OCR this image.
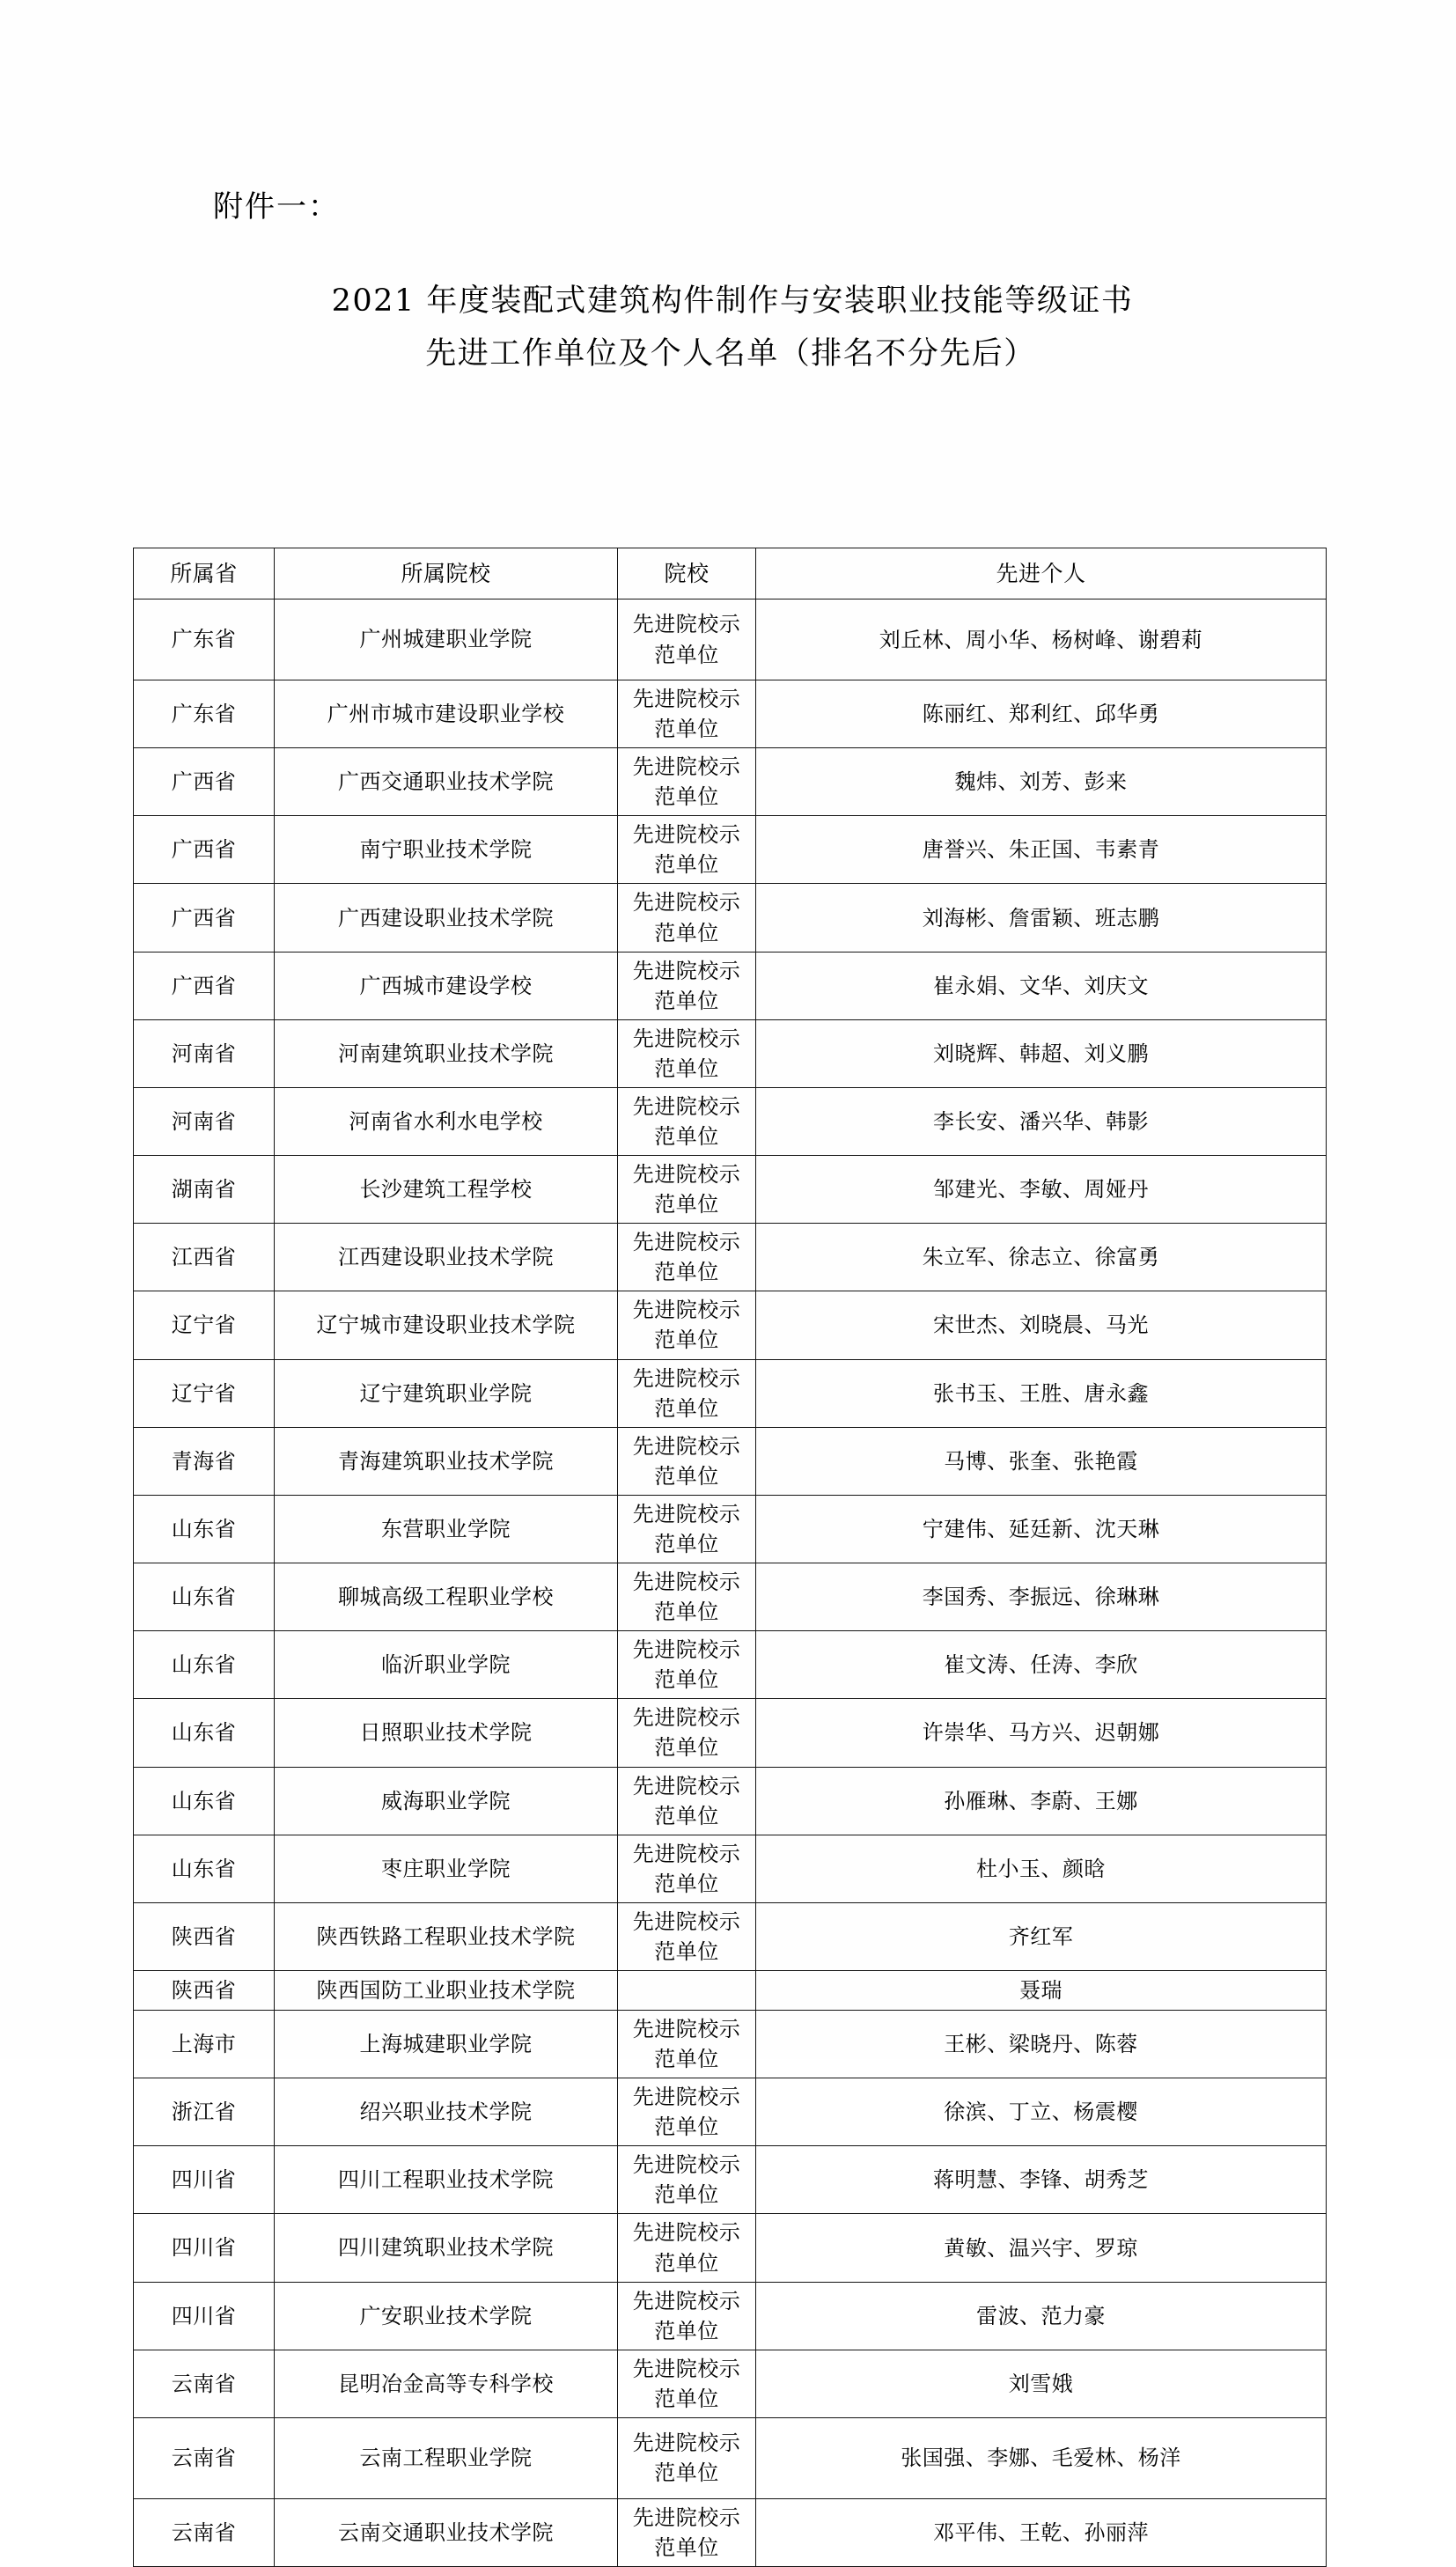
附件一：
2021 年度装配式建筑构件制作与安装职业技能等级证书
先进工作单位及个人名单（排名不分先后）
所属省	所属院校	院校	先进个人
广东省	广州城建职业学院	先进院校示范单位	刘丘林、周小华、杨树峰、谢碧莉
广东省	广州市城市建设职业学校	先进院校示范单位	陈丽红、郑利红、邱华勇
广西省	广西交通职业技术学院	先进院校示范单位	魏炜、刘芳、彭来
广西省	南宁职业技术学院	先进院校示范单位	唐誉兴、朱正国、韦素青
广西省	广西建设职业技术学院	先进院校示范单位	刘海彬、詹雷颖、班志鹏
广西省	广西城市建设学校	先进院校示范单位	崔永娟、文华、刘庆文
河南省	河南建筑职业技术学院	先进院校示范单位	刘晓辉、韩超、刘义鹏
河南省	河南省水利水电学校	先进院校示范单位	李长安、潘兴华、韩影
湖南省	长沙建筑工程学校	先进院校示范单位	邹建光、李敏、周娅丹
江西省	江西建设职业技术学院	先进院校示范单位	朱立军、徐志立、徐富勇
辽宁省	辽宁城市建设职业技术学院	先进院校示范单位	宋世杰、刘晓晨、马光
辽宁省	辽宁建筑职业学院	先进院校示范单位	张书玉、王胜、唐永鑫
青海省	青海建筑职业技术学院	先进院校示范单位	马博、张奎、张艳霞
山东省	东营职业学院	先进院校示范单位	宁建伟、延廷新、沈天琳
山东省	聊城高级工程职业学校	先进院校示范单位	李国秀、李振远、徐琳琳
山东省	临沂职业学院	先进院校示范单位	崔文涛、任涛、李欣
山东省	日照职业技术学院	先进院校示范单位	许崇华、马方兴、迟朝娜
山东省	威海职业学院	先进院校示范单位	孙雁琳、李蔚、王娜
山东省	枣庄职业学院	先进院校示范单位	杜小玉、颜晗
陕西省	陕西铁路工程职业技术学院	先进院校示范单位	齐红军
陕西省	陕西国防工业职业技术学院		聂瑞
上海市	上海城建职业学院	先进院校示范单位	王彬、梁晓丹、陈蓉
浙江省	绍兴职业技术学院	先进院校示范单位	徐滨、丁立、杨震樱
四川省	四川工程职业技术学院	先进院校示范单位	蒋明慧、李锋、胡秀芝
四川省	四川建筑职业技术学院	先进院校示范单位	黄敏、温兴宇、罗琼
四川省	广安职业技术学院	先进院校示范单位	雷波、范力豪
云南省	昆明冶金高等专科学校	先进院校示范单位	刘雪娥
云南省	云南工程职业学院	先进院校示范单位	张国强、李娜、毛爱林、杨洋
云南省	云南交通职业技术学院	先进院校示范单位	邓平伟、王乾、孙丽萍
